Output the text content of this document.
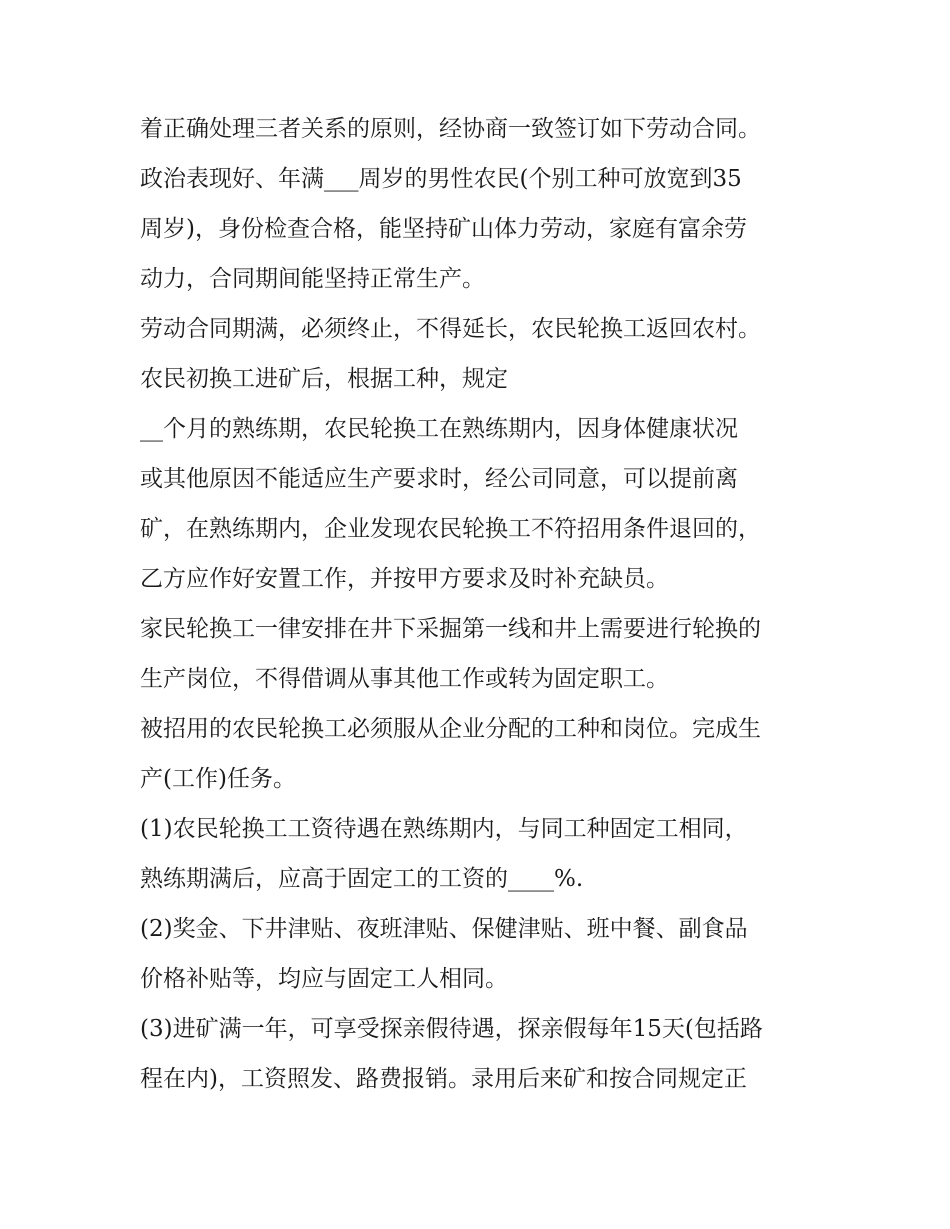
着正确处理三者关系的原则，经协商一致签订如下劳动合同。
政治表现好、年满___周岁的男性农民(个别工种可放宽到35
周岁)，身份检查合格，能坚持矿山体力劳动，家庭有富余劳
动力，合同期间能坚持正常生产。
劳动合同期满，必须终止，不得延长，农民轮换工返回农村。
农民初换工进矿后，根据工种，规定
__个月的熟练期，农民轮换工在熟练期内，因身体健康状况
或其他原因不能适应生产要求时，经公司同意，可以提前离
矿，在熟练期内，企业发现农民轮换工不符招用条件退回的，
乙方应作好安置工作，并按甲方要求及时补充缺员。
家民轮换工一律安排在井下采掘第一线和井上需要进行轮换的
生产岗位，不得借调从事其他工作或转为固定职工。
被招用的农民轮换工必须服从企业分配的工种和岗位。完成生
产(工作)任务。
(1)农民轮换工工资待遇在熟练期内，与同工种固定工相同，
熟练期满后，应高于固定工的工资的____%.
(2)奖金、下井津贴、夜班津贴、保健津贴、班中餐、副食品
价格补贴等，均应与固定工人相同。
(3)进矿满一年，可享受探亲假待遇，探亲假每年15天(包括路
程在内)，工资照发、路费报销。录用后来矿和按合同规定正
